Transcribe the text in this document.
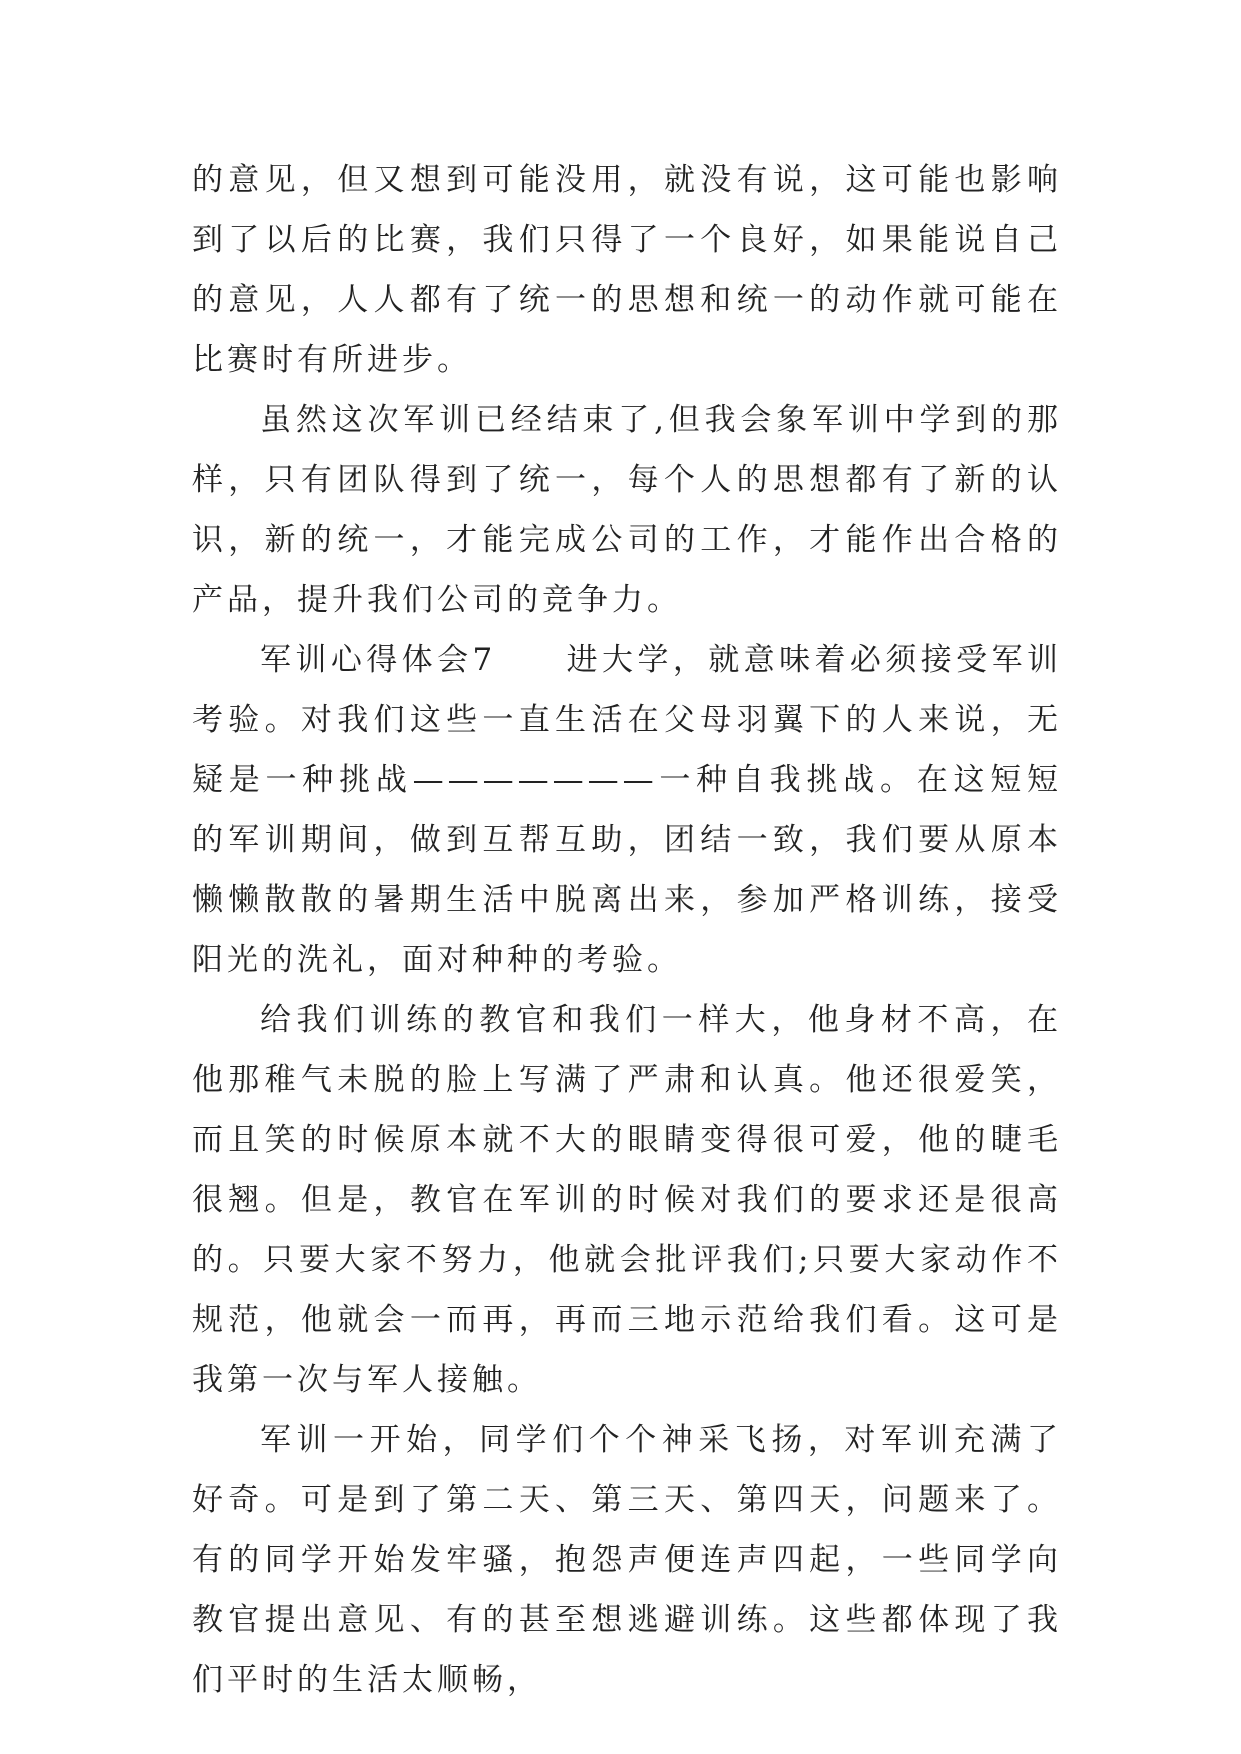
的意见，但又想到可能没用，就没有说，这可能也影响到了以后的比赛，我们只得了一个良好，如果能说自己的意见，人人都有了统一的思想和统一的动作就可能在比赛时有所进步。

虽然这次军训已经结束了,但我会象军训中学到的那样，只有团队得到了统一，每个人的思想都有了新的认识，新的统一，才能完成公司的工作，才能作出合格的产品，提升我们公司的竞争力。

军训心得体会7 进大学，就意味着必须接受军训考验。对我们这些一直生活在父母羽翼下的人来说，无疑是一种挑战———————一种自我挑战。在这短短的军训期间，做到互帮互助，团结一致，我们要从原本懒懒散散的暑期生活中脱离出来，参加严格训练，接受阳光的洗礼，面对种种的考验。

给我们训练的教官和我们一样大，他身材不高，在他那稚气未脱的脸上写满了严肃和认真。他还很爱笑，而且笑的时候原本就不大的眼睛变得很可爱，他的睫毛很翘。但是，教官在军训的时候对我们的要求还是很高的。只要大家不努力，他就会批评我们;只要大家动作不规范，他就会一而再，再而三地示范给我们看。这可是我第一次与军人接触。

军训一开始，同学们个个神采飞扬，对军训充满了好奇。可是到了第二天、第三天、第四天，问题来了。有的同学开始发牢骚，抱怨声便连声四起，一些同学向教官提出意见、有的甚至想逃避训练。这些都体现了我们平时的生活太顺畅，
